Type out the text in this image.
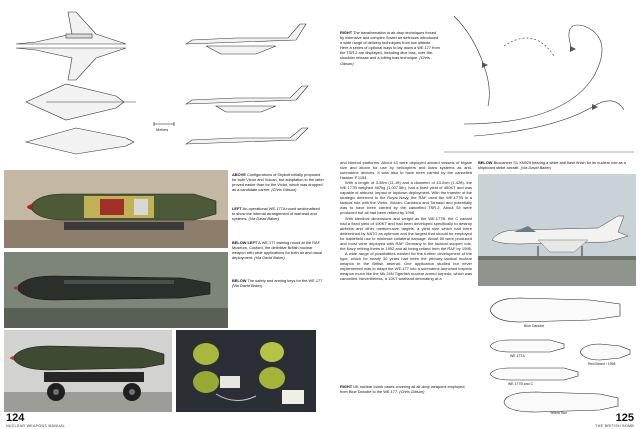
Metres
ABOVE Configurations of Skybolt initially proposed for both Victor and Vulcan, but adaptation to the latter proved easier than for the Victor, which was dropped as a candidate carrier. (Chris Gibson)
LEFT An operational WE-177A round sectionalised to show the internal arrangement of warhead and systems. (Via David Baker)
BELOW LEFT A WE.177 training round at the RAF Museum, Cosford, the definitive British nuclear weapon with wide applications for both air and naval deployment. (Via David Baker)
BELOW The safety and arming keys for the WE.177. (Via David Baker)
124
NUCLEAR WEAPONS MANUAL
RIGHT The transformation in air-drop techniques forced by extensive and complex Soviet air defences introduced a wide range of delivery techniques from low altitude. Here a series of optional ways to lay down a WE.177 from the TSR.2 are displayed, including dive toss, over-the-shoulder release and a lofting toss technique. (Chris Gibson)

and Nimrod platforms. About 43 were deployed aboard vessels of frigate size and above for use by helicopters and Ikara systems as anti-submarine devices. It was also to have been carried by the cancelled Hawker P.1154.

With a length of 3.38m (11.1ft) and a diameter of 43.2cm (1.42ft), the WE.177B weighed 457kg (1,007.5lb), had a fixed yield of 450KT and was capable of airburst, impact or laydown deployment. With the transfer of the strategic deterrent to the Royal Navy, the RAF used the WE.177B in a tactical role with the Victor, Vulcan, Canberra and Tornado and potentially was to have been carried by the cancelled TSR.2. About 53 were produced but all had been retired by 1998.

With identical dimensions and weight as the WE.177B, the C variant had a fixed yield of 190KT and had been developed specifically to destroy airfields and other medium-size targets, a yield size which had been determined by NATO as optimum and the largest that should be employed for battlefield use to minimise collateral damage. About 60 were produced and most were deployed with RAF Germany in the tactical support role, the Navy retiring theirs in 1992 and all being retired from the RAF by 1998.

A wide range of possibilities existed for the further development of the type, which for nearly 30 years had been the primary tactical nuclear weapon in the British arsenal. One application studied but never implemented was to adapt the WE.177 into a submarine-launched torpedo weapon much like the Mk 24N Tigerfish nuclear armed torpedo, which was cancelled. Nevertheless, a 10KT warhead detonating at a

BELOW Buccaneer S1 XN929 bearing a white anti-flash finish for its nuclear role as a shipboard strike aircraft. (Via David Baker)
Blue Danube
WE.177A
WE.177B and C
Red Beard / 1998
Yellow Sun
RIGHT UK nuclear bomb cases covering all air-drop weapons employed, from Blue Danube to the WE.177. (Chris Gibson)
125
THE BRITISH BOMB
